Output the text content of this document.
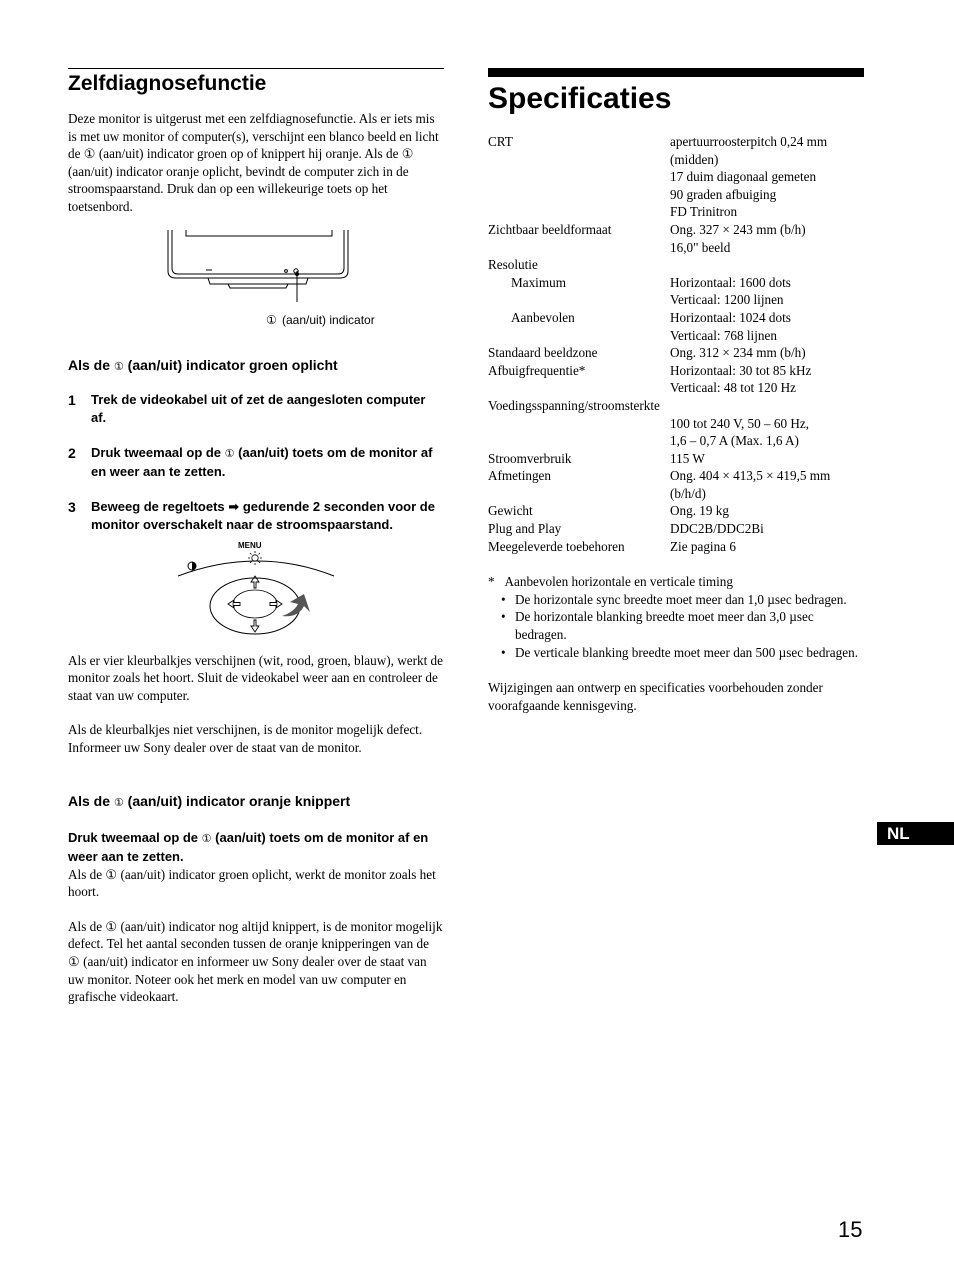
Zelfdiagnosefunctie

Deze monitor is uitgerust met een zelfdiagnosefunctie. Als er iets mis is met uw monitor of computer(s), verschijnt een blanco beeld en licht de ① (aan/uit) indicator groen op of knippert hij oranje. Als de ① (aan/uit) indicator oranje oplicht, bevindt de computer zich in de stroomspaarstand. Druk dan op een willekeurige toets op het toetsenbord.

① (aan/uit) indicator

Als de ① (aan/uit) indicator groen oplicht

1 Trek de videokabel uit of zet de aangesloten computer af.

2 Druk tweemaal op de ① (aan/uit) toets om de monitor af en weer aan te zetten.

3 Beweeg de regeltoets ➡ gedurende 2 seconden voor de monitor overschakelt naar de stroomspaarstand.

MENU

Als er vier kleurbalkjes verschijnen (wit, rood, groen, blauw), werkt de monitor zoals het hoort. Sluit de videokabel weer aan en controleer de staat van uw computer.

Als de kleurbalkjes niet verschijnen, is de monitor mogelijk defect. Informeer uw Sony dealer over de staat van de monitor.

Als de ① (aan/uit) indicator oranje knippert

Druk tweemaal op de ① (aan/uit) toets om de monitor af en weer aan te zetten.

Als de ① (aan/uit) indicator groen oplicht, werkt de monitor zoals het hoort.

Als de ① (aan/uit) indicator nog altijd knippert, is de monitor mogelijk defect. Tel het aantal seconden tussen de oranje knipperingen van de ① (aan/uit) indicator en informeer uw Sony dealer over de staat van uw monitor. Noteer ook het merk en model van uw computer en grafische videokaart.

Specificaties
CRT	apertuurroosterpitch 0,24 mm (midden)
	17 duim diagonaal gemeten
	90 graden afbuiging
	FD Trinitron
Zichtbaar beeldformaat	Ong. 327 × 243 mm (b/h)
	16,0" beeld
Resolutie	
Maximum	Horizontaal: 1600 dots
	Verticaal: 1200 lijnen
Aanbevolen	Horizontaal: 1024 dots
	Verticaal: 768 lijnen
Standaard beeldzone	Ong. 312 × 234 mm (b/h)
Afbuigfrequentie*	Horizontaal: 30 tot 85 kHz
	Verticaal: 48 tot 120 Hz
Voedingsspanning/stroomsterkte	
	100 tot 240 V, 50 – 60 Hz,
	1,6 – 0,7 A (Max. 1,6 A)
Stroomverbruik	115 W
Afmetingen	Ong. 404 × 413,5 × 419,5 mm (b/h/d)
Gewicht	Ong. 19 kg
Plug and Play	DDC2B/DDC2Bi
Meegeleverde toebehoren	Zie pagina 6

* Aanbevolen horizontale en verticale timing

• De horizontale sync breedte moet meer dan 1,0 µsec bedragen.
• De horizontale blanking breedte moet meer dan 3,0 µsec bedragen.
• De verticale blanking breedte moet meer dan 500 µsec bedragen.

Wijzigingen aan ontwerp en specificaties voorbehouden zonder voorafgaande kennisgeving.

NL
15
